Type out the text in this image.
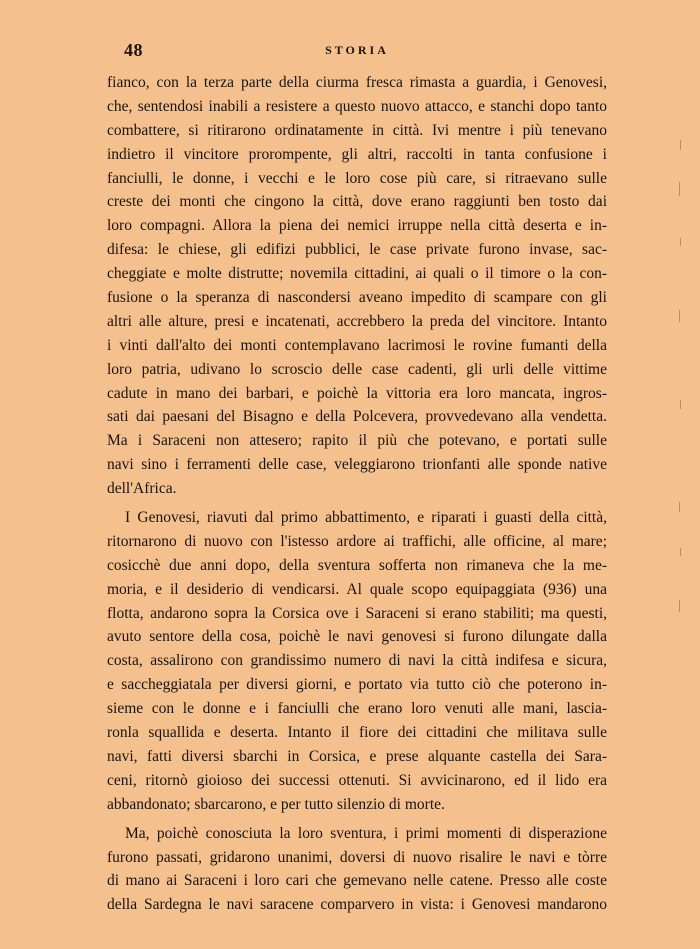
48	STORIA
fianco, con la terza parte della ciurma fresca rimasta a guardia, i Genovesi,
che, sentendosi inabili a resistere a questo nuovo attacco, e stanchi dopo tanto
combattere, si ritirarono ordinatamente in città. Ivi mentre i più tenevano
indietro il vincitore prorompente, gli altri, raccolti in tanta confusione i
fanciulli, le donne, i vecchi e le loro cose più care, si ritraevano sulle
creste dei monti che cingono la città, dove erano raggiunti ben tosto dai
loro compagni. Allora la piena dei nemici irruppe nella città deserta e in-
difesa: le chiese, gli edifizi pubblici, le case private furono invase, sac-
cheggiate e molte distrutte; novemila cittadini, ai quali o il timore o la con-
fusione o la speranza di nascondersi aveano impedito di scampare con gli
altri alle alture, presi e incatenati, accrebbero la preda del vincitore. Intanto
i vinti dall'alto dei monti contemplavano lacrimosi le rovine fumanti della
loro patria, udivano lo scroscio delle case cadenti, gli urli delle vittime
cadute in mano dei barbari, e poichè la vittoria era loro mancata, ingros-
sati dai paesani del Bisagno e della Polcevera, provvedevano alla vendetta.
Ma i Saraceni non attesero; rapito il più che potevano, e portati sulle
navi sino i ferramenti delle case, veleggiarono trionfanti alle sponde native
dell'Africa.
I Genovesi, riavuti dal primo abbattimento, e riparati i guasti della città,
ritornarono di nuovo con l'istesso ardore ai traffichi, alle officine, al mare;
cosicchè due anni dopo, della sventura sofferta non rimaneva che la me-
moria, e il desiderio di vendicarsi. Al quale scopo equipaggiata (936) una
flotta, andarono sopra la Corsica ove i Saraceni si erano stabiliti; ma questi,
avuto sentore della cosa, poichè le navi genovesi si furono dilungate dalla
costa, assalirono con grandissimo numero di navi la città indifesa e sicura,
e saccheggiatala per diversi giorni, e portato via tutto ciò che poterono in-
sieme con le donne e i fanciulli che erano loro venuti alle mani, lascia-
ronla squallida e deserta. Intanto il fiore dei cittadini che militava sulle
navi, fatti diversi sbarchi in Corsica, e prese alquante castella dei Sara-
ceni, ritornò gioioso dei successi ottenuti. Si avvicinarono, ed il lido era
abbandonato; sbarcarono, e per tutto silenzio di morte.
Ma, poichè conosciuta la loro sventura, i primi momenti di disperazione
furono passati, gridarono unanimi, doversi di nuovo risalire le navi e tòrre
di mano ai Saraceni i loro cari che gemevano nelle catene. Presso alle coste
della Sardegna le navi saracene comparvero in vista: i Genovesi mandarono
